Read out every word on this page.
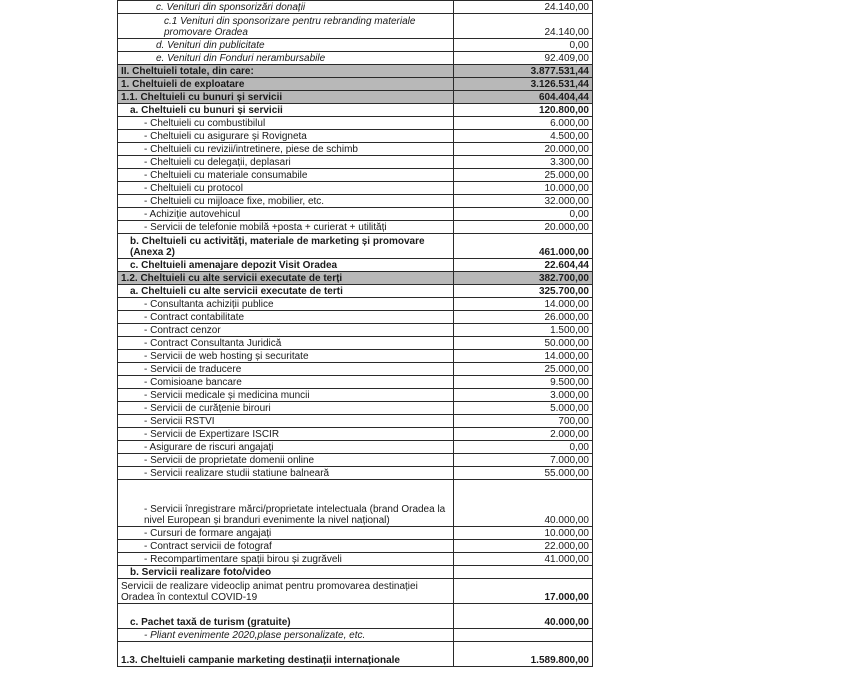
c. Venituri din sponsorizări donații	24.140,00
c.1 Venituri din sponsorizare pentru rebranding materiale promovare Oradea	24.140,00
d. Venituri din publicitate	0,00
e. Venituri din Fonduri nerambursabile	92.409,00
II. Cheltuieli totale, din care:	3.877.531,44
1. Cheltuieli de exploatare	3.126.531,44
1.1. Cheltuieli cu bunuri și servicii	604.404,44
a. Cheltuieli cu bunuri și servicii	120.800,00
- Cheltuieli cu combustibilul	6.000,00
- Cheltuieli cu asigurare și Rovigneta	4.500,00
- Cheltuieli cu revizii/intretinere, piese de schimb	20.000,00
- Cheltuieli cu delegații, deplasari	3.300,00
- Cheltuieli cu materiale consumabile	25.000,00
- Cheltuieli cu protocol	10.000,00
- Cheltuieli cu mijloace fixe, mobilier, etc.	32.000,00
- Achiziție autovehicul	0,00
- Servicii de telefonie mobilă +posta + curierat + utilități	20.000,00
b. Cheltuieli cu activități, materiale de marketing și promovare (Anexa 2)	461.000,00
c. Cheltuieli amenajare depozit Visit Oradea	22.604,44
1.2. Cheltuieli cu alte servicii executate de terți	382.700,00
a. Cheltuieli cu alte servicii executate de terti	325.700,00
- Consultanta achiziții publice	14.000,00
- Contract contabilitate	26.000,00
- Contract cenzor	1.500,00
- Contract Consultanta Juridică	50.000,00
- Servicii de web hosting și securitate	14.000,00
- Servicii de traducere	25.000,00
- Comisioane bancare	9.500,00
- Servicii medicale și medicina muncii	3.000,00
- Servicii de curățenie birouri	5.000,00
- Servicii RSTVI	700,00
- Servicii de Expertizare ISCIR	2.000,00
- Asigurare de riscuri angajați	0,00
- Servicii de proprietate domenii online	7.000,00
- Servicii realizare studii statiune balneară	55.000,00
- Servicii înregistrare mărci/proprietate intelectuala (brand Oradea la nivel European și branduri evenimente la nivel național)	40.000,00
- Cursuri de formare angajați	10.000,00
- Contract servicii de fotograf	22.000,00
- Recompartimentare spații birou și zugrăveli	41.000,00
b. Servicii realizare foto/video	
Servicii de realizare videoclip animat pentru promovarea destinației Oradea în contextul COVID-19	17.000,00
c. Pachet taxă de turism (gratuite)	40.000,00
- Pliant evenimente 2020,plase personalizate, etc.	
1.3. Cheltuieli campanie marketing destinații internaționale	1.589.800,00
